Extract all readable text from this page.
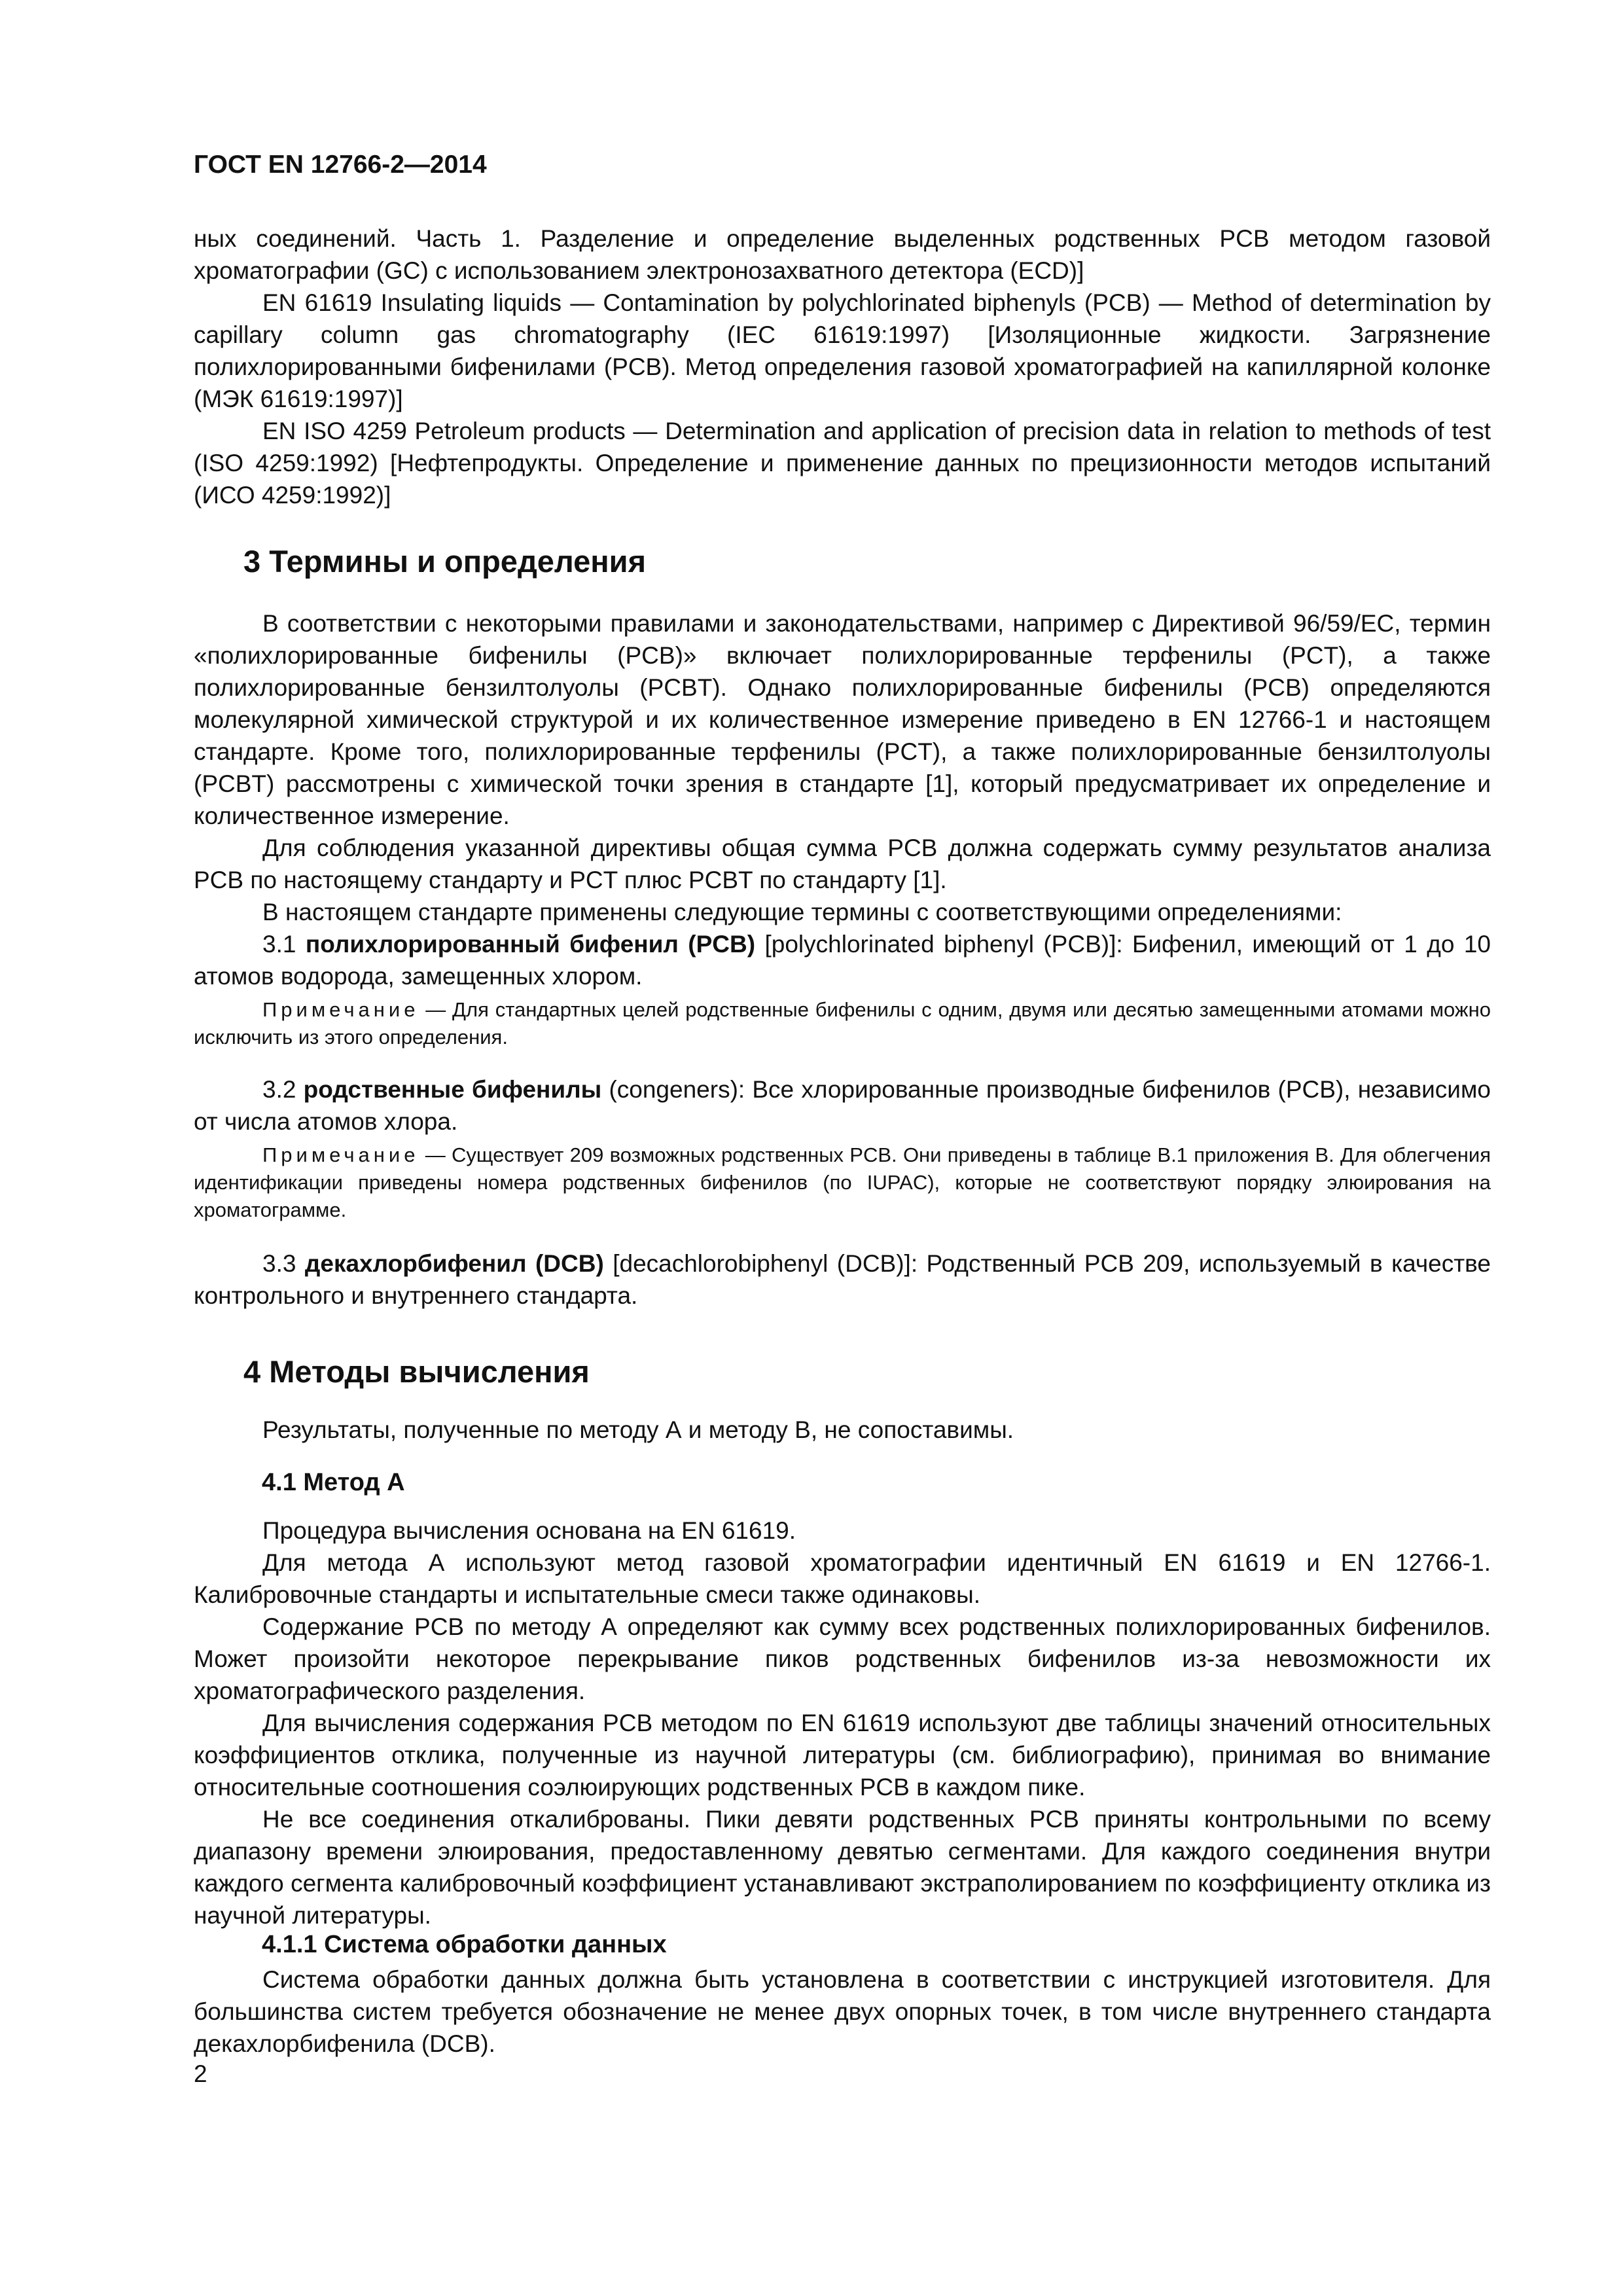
ГОСТ EN 12766-2—2014

ных соединений. Часть 1. Разделение и определение выделенных родственных PCB методом газовой хроматографии (GC) с использованием электронозахватного детектора (ECD)]

EN 61619 Insulating liquids — Contamination by polychlorinated biphenyls (PCB) — Method of determination by capillary column gas chromatography (IEC 61619:1997) [Изоляционные жидкости. Загрязнение полихлорированными бифенилами (PCB). Метод определения газовой хроматографией на капиллярной колонке (МЭК 61619:1997)]

EN ISO 4259 Petroleum products — Determination and application of precision data in relation to methods of test (ISO 4259:1992) [Нефтепродукты. Определение и применение данных по прецизионности методов испытаний (ИСО 4259:1992)]

3 Термины и определения

В соответствии с некоторыми правилами и законодательствами, например с Директивой 96/59/EC, термин «полихлорированные бифенилы (PCB)» включает полихлорированные терфенилы (PCT), а также полихлорированные бензилтолуолы (PCBT). Однако полихлорированные бифенилы (PCB) определяются молекулярной химической структурой и их количественное измерение приведено в EN 12766-1 и настоящем стандарте. Кроме того, полихлорированные терфенилы (PCT), а также полихлорированные бензилтолуолы (PCBT) рассмотрены с химической точки зрения в стандарте [1], который предусматривает их определение и количественное измерение.

Для соблюдения указанной директивы общая сумма PCB должна содержать сумму результатов анализа PCB по настоящему стандарту и PCT плюс PCBT по стандарту [1].

В настоящем стандарте применены следующие термины с соответствующими определениями:

3.1 полихлорированный бифенил (PCB) [polychlorinated biphenyl (PCB)]: Бифенил, имеющий от 1 до 10 атомов водорода, замещенных хлором.

Примечание — Для стандартных целей родственные бифенилы с одним, двумя или десятью замещенными атомами можно исключить из этого определения.

3.2 родственные бифенилы (congeners): Все хлорированные производные бифенилов (PCB), независимо от числа атомов хлора.

Примечание — Существует 209 возможных родственных PCB. Они приведены в таблице В.1 приложения В. Для облегчения идентификации приведены номера родственных бифенилов (по IUPAC), которые не соответствуют порядку элюирования на хроматограмме.

3.3 декахлорбифенил (DCB) [decachlorobiphenyl (DCB)]: Родственный PCB 209, используемый в качестве контрольного и внутреннего стандарта.

4 Методы вычисления

Результаты, полученные по методу А и методу В, не сопоставимы.

4.1 Метод А

Процедура вычисления основана на EN 61619.

Для метода А используют метод газовой хроматографии идентичный EN 61619 и EN 12766-1. Калибровочные стандарты и испытательные смеси также одинаковы.

Содержание PCB по методу А определяют как сумму всех родственных полихлорированных бифенилов. Может произойти некоторое перекрывание пиков родственных бифенилов из-за невозможности их хроматографического разделения.

Для вычисления содержания PCB методом по EN 61619 используют две таблицы значений относительных коэффициентов отклика, полученные из научной литературы (см. библиографию), принимая во внимание относительные соотношения соэлюирующих родственных PCB в каждом пике.

Не все соединения откалиброваны. Пики девяти родственных PCB приняты контрольными по всему диапазону времени элюирования, предоставленному девятью сегментами. Для каждого соединения внутри каждого сегмента калибровочный коэффициент устанавливают экстраполированием по коэффициенту отклика из научной литературы.

4.1.1 Система обработки данных

Система обработки данных должна быть установлена в соответствии с инструкцией изготовителя. Для большинства систем требуется обозначение не менее двух опорных точек, в том числе внутреннего стандарта декахлорбифенила (DCB).

2
